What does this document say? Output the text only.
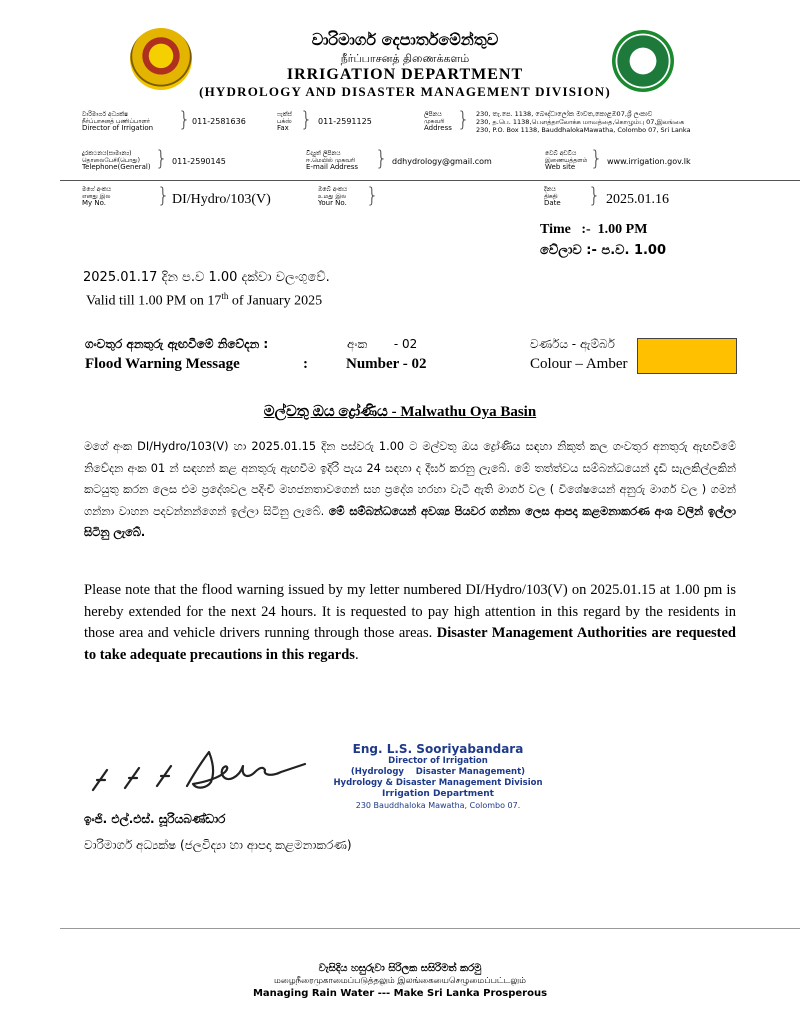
වාරිමාර්ග දෙපාර්තමේන්තුව
நீர்ப்பாசனத் திணைக்களம்
IRRIGATION DEPARTMENT
(HYDROLOGY AND DISASTER MANAGEMENT DIVISION)
වාරිමාර්ග අධ්‍යක්ෂ
நீர்ப்பாசனத் பணிப்பாளர்
Director of Irrigation	} 011-2581636
ෆැක්ස්
பக்ஸ்
Fax } 011-2591125
ලිපිනය
முகவரி
Address } 230, තැ.පෙ. 1138, බෞද්ධාලෝක මාවත,කොළඹ07,ශ්‍රී ලංකාව
230, த.பெ. 1138,பௌத்தாலோக்க மாவத்தை,கொழும்பு 07,இலங்கை
230, P.O. Box 1138, BauddhalokaMawatha, Colombo 07, Sri Lanka
දුරකථනය(සාමාන්‍ය)
தொலைபேசி(பொது)
Telephone(General) } 011-2590145
විද්‍යුත් ලිපිනය
ஈ.மெயில் முகவரி
E-mail Address } ddhydrology@gmail.com
වෙබ් අඩවිය
இணையத்தளம்
Web site } www.irrigation.gov.lk
මගේ අංකය
எனது இல
My No.	} DI/Hydro/103(V)
ඔබේ අංකය
உமது இல
Your No. }	දිනය
திகதி
Date	} 2025.01.16
Time   :-  1.00 PM
වේලාව :- ප.ව. 1.00
2025.01.17 දින ප.ව 1.00 දක්වා වලංගුවේ.
Valid till 1.00 PM on 17th of January 2025
ගංවතුර අනතුරු ඇඟවීමේ නිවේදන :	අංක       - 02	වර්ණය - ඇම්බර්
Flood Warning Message	:	Number - 02	Colour – Amber
මල්වතු ඔය ද්‍රෝණිය - Malwathu Oya Basin
මගේ අංක DI/Hydro/103(V) හා 2025.01.15 දින පස්වරු 1.00 ට මල්වතු ඔය ද්‍රෝණිය සඳහා නිකුත් කල ගංවතුර අනතුරු ඇඟවීමේ නිවේදන අංක 01 න් සඳහන් කළ අනතුරු ඇඟවීම ඉදිරි පැය 24 සඳහා ද දීර්ඝ කරනු ලැබේ. මේ තත්ත්වය සම්බන්ධයෙන් දැඩි සැලකිල්ලකින් කටයුතු කරන ලෙස එම ප්‍රදේශවල පදිංචි මහජනතාවගෙන් සහ ප්‍රදේශ හරහා වැටී ඇති මාර්ග වල ( විශේෂයෙන් අනුරු මාර්ග වල ) ගමන් ගන්නා වාහන පදවන්නන්ගෙන් ඉල්ලා සිටිනු ලැබේ. මේ සම්බන්ධයෙන් අවශ්‍ය පියවර ගන්නා ලෙස ආපදා කළමනාකරණ අංශ වලින් ඉල්ලා සිටිනු ලැබේ.
Please note that the flood warning issued by my letter numbered DI/Hydro/103(V) on 2025.01.15 at 1.00 pm is hereby extended for the next 24 hours. It is requested to pay high attention in this regard by the residents in those area and vehicle drivers running through those areas. Disaster Management Authorities are requested to take adequate precautions in this regards.
Eng. L.S. Sooriyabandara
Director of Irrigation
(Hydrology    Disaster Management)
Hydrology & Disaster Management Division
Irrigation Department
230 Bauddhaloka Mawatha, Colombo 07.
ඉංජි. එල්.එස්. සූරියබණ්ඩාර
වාරිමාර්ග අධ්‍යක්ෂ (ජලවිද්‍යා හා ආපදා කළමනාකරණ)
වැසිදිය හසුරුවා සිරිලක සසිරිමත් කරමු
மழைநீரைமுகாமைப்படுத்தலும் இலங்கையைசெழுமைப்பட்டலும்
Managing Rain Water --- Make Sri Lanka Prosperous
